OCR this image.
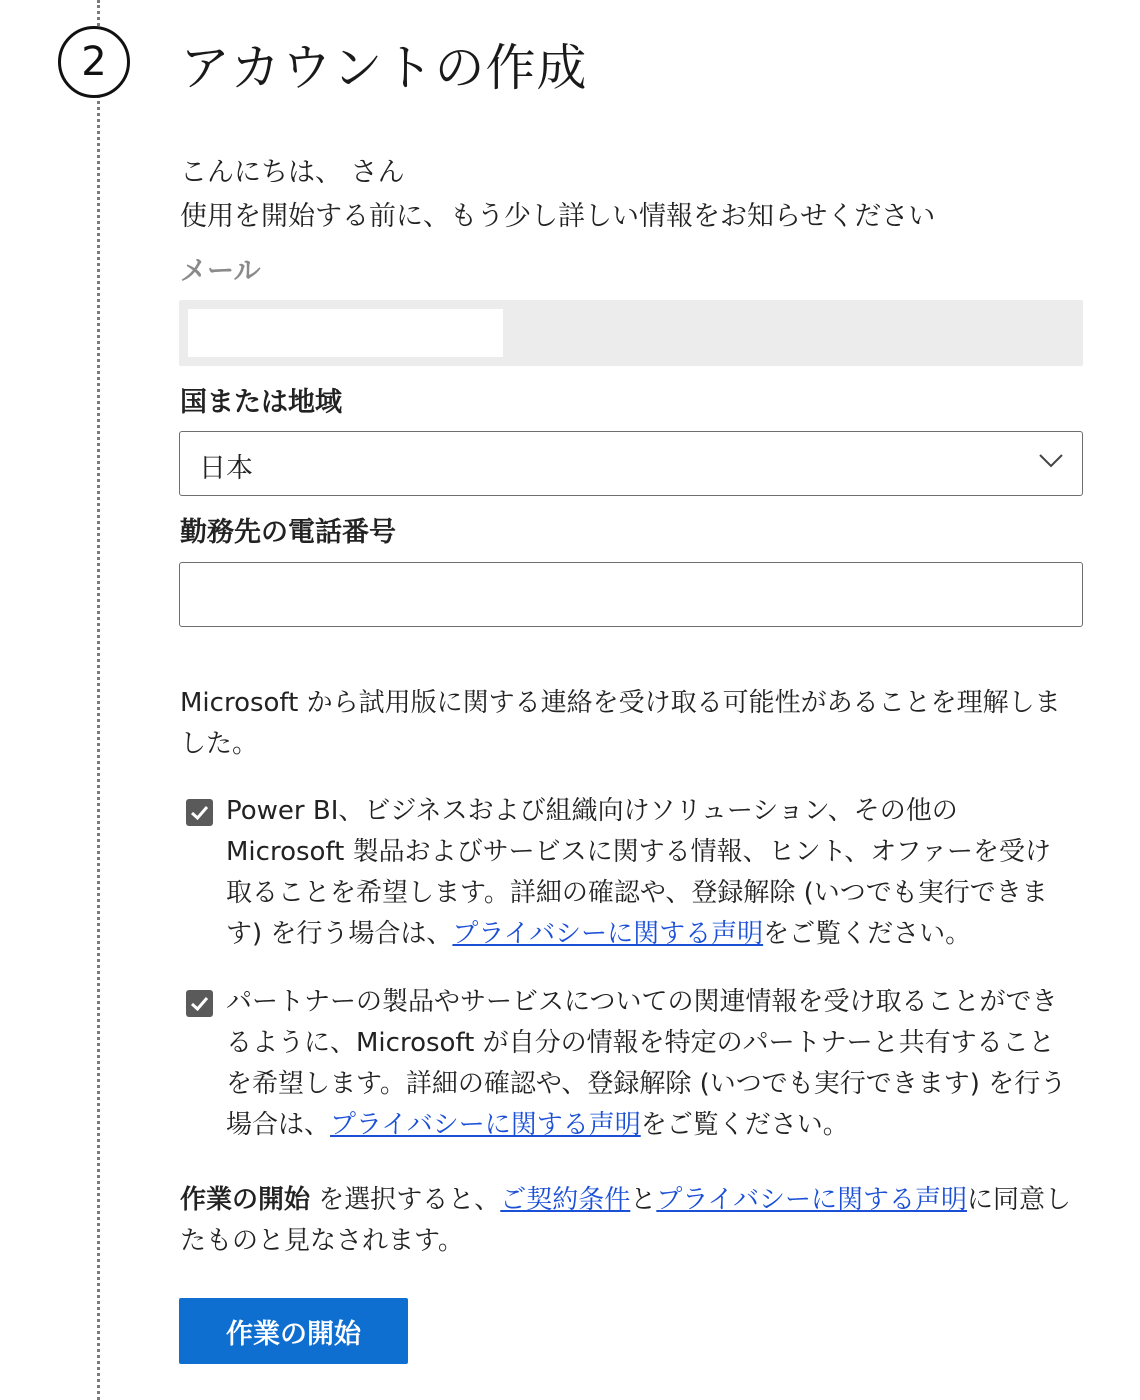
2 アカウントの作成
こんにちは、 さん
使用を開始する前に、もう少し詳しい情報をお知らせください
メール
国または地域
日本
勤務先の電話番号

Microsoft から試用版に関する連絡を受け取る可能性があることを理解しました。

Power BI、ビジネスおよび組織向けソリューション、その他の Microsoft 製品およびサービスに関する情報、ヒント、オファーを受け取ることを希望します。詳細の確認や、登録解除 (いつでも実行できます) を行う場合は、プライバシーに関する声明をご覧ください。

パートナーの製品やサービスについての関連情報を受け取ることができるように、Microsoft が自分の情報を特定のパートナーと共有することを希望します。詳細の確認や、登録解除 (いつでも実行できます) を行う場合は、プライバシーに関する声明をご覧ください。

作業の開始 を選択すると、ご契約条件とプライバシーに関する声明に同意したものと見なされます。

作業の開始
